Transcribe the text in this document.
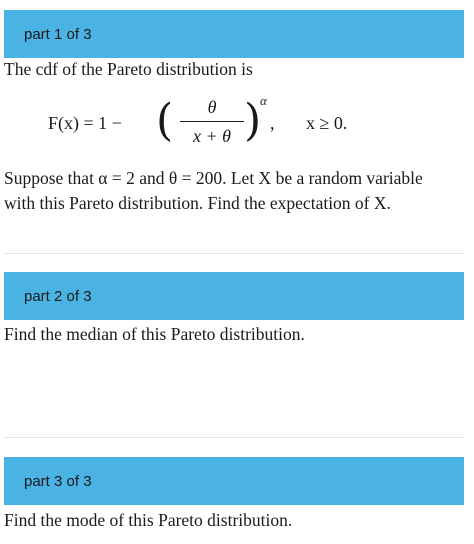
part 1 of 3

The cdf of the Pareto distribution is

F(x) = 1 − (	θ
x + θ )
α
, x ≥ 0.

Suppose that α = 2 and θ = 200. Let X be a random variable with this Pareto distribution. Find the expectation of X.

part 2 of 3

Find the median of this Pareto distribution.

part 3 of 3

Find the mode of this Pareto distribution.
